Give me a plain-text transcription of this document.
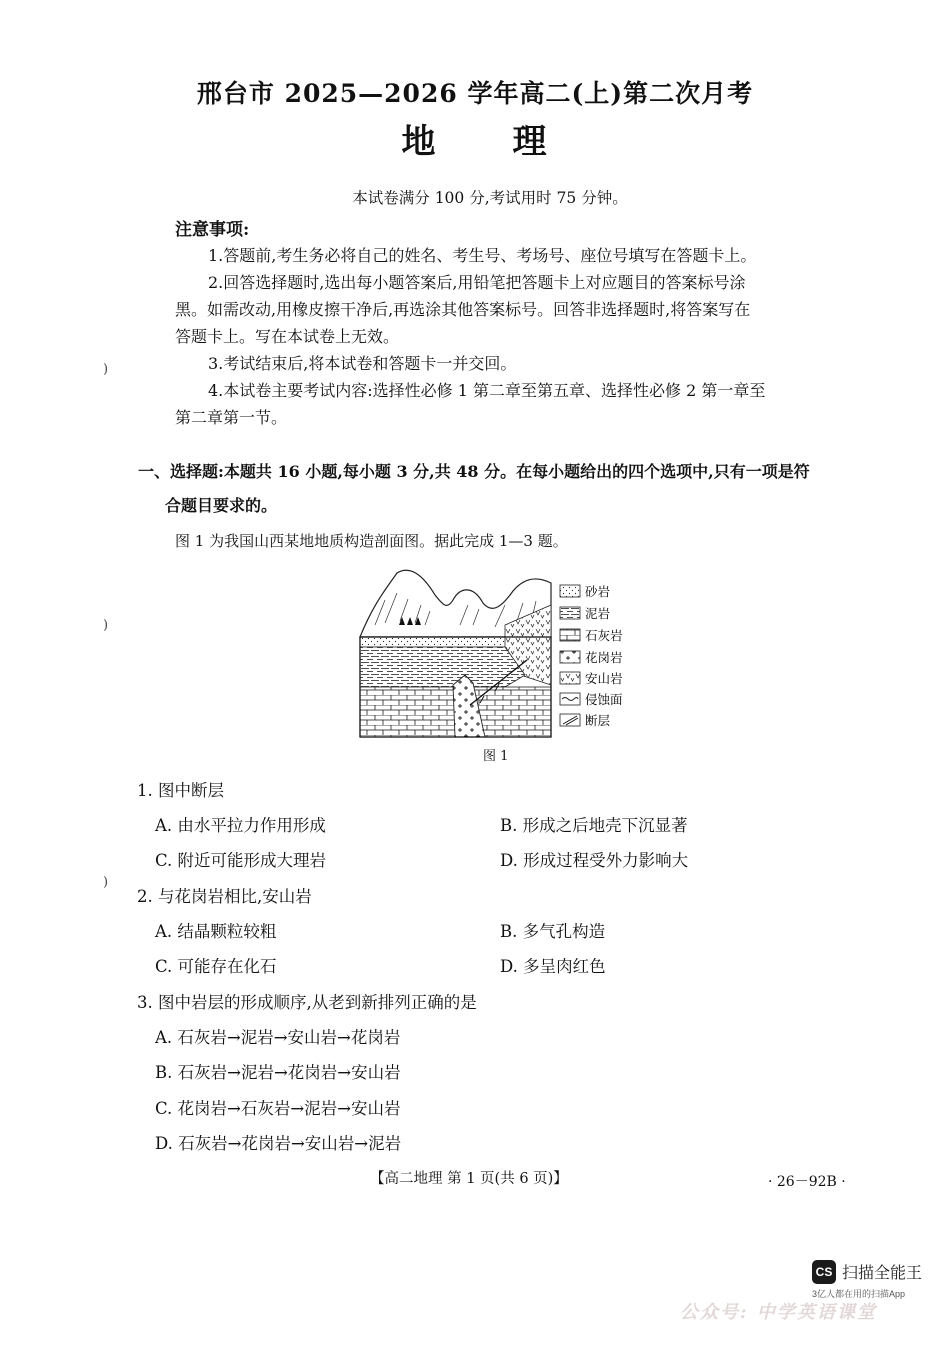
邢台市 2025—2026 学年高二(上)第二次月考
地 理
本试卷满分 100 分,考试用时 75 分钟。
注意事项:
1.答题前,考生务必将自己的姓名、考生号、考场号、座位号填写在答题卡上。
2.回答选择题时,选出每小题答案后,用铅笔把答题卡上对应题目的答案标号涂
黑。如需改动,用橡皮擦干净后,再选涂其他答案标号。回答非选择题时,将答案写在
答题卡上。写在本试卷上无效。
3.考试结束后,将本试卷和答题卡一并交回。
4.本试卷主要考试内容:选择性必修 1 第二章至第五章、选择性必修 2 第一章至
第二章第一节。
)
)
)
一、选择题:本题共 16 小题,每小题 3 分,共 48 分。在每小题给出的四个选项中,只有一项是符
合题目要求的。
图 1 为我国山西某地地质构造剖面图。据此完成 1—3 题。
砂岩
泥岩
石灰岩
花岗岩
安山岩
侵蚀面
断层
图 1
1. 图中断层
A. 由水平拉力作用形成	B. 形成之后地壳下沉显著
C. 附近可能形成大理岩	D. 形成过程受外力影响大
2. 与花岗岩相比,安山岩
A. 结晶颗粒较粗	B. 多气孔构造
C. 可能存在化石	D. 多呈肉红色
3. 图中岩层的形成顺序,从老到新排列正确的是
A. 石灰岩→泥岩→安山岩→花岗岩
B. 石灰岩→泥岩→花岗岩→安山岩
C. 花岗岩→石灰岩→泥岩→安山岩
D. 石灰岩→花岗岩→安山岩→泥岩
【高二地理 第 1 页(共 6 页)】	· 26－92B ·
CS 扫描全能王
3亿人都在用的扫描App
公众号: 中学英语课堂
